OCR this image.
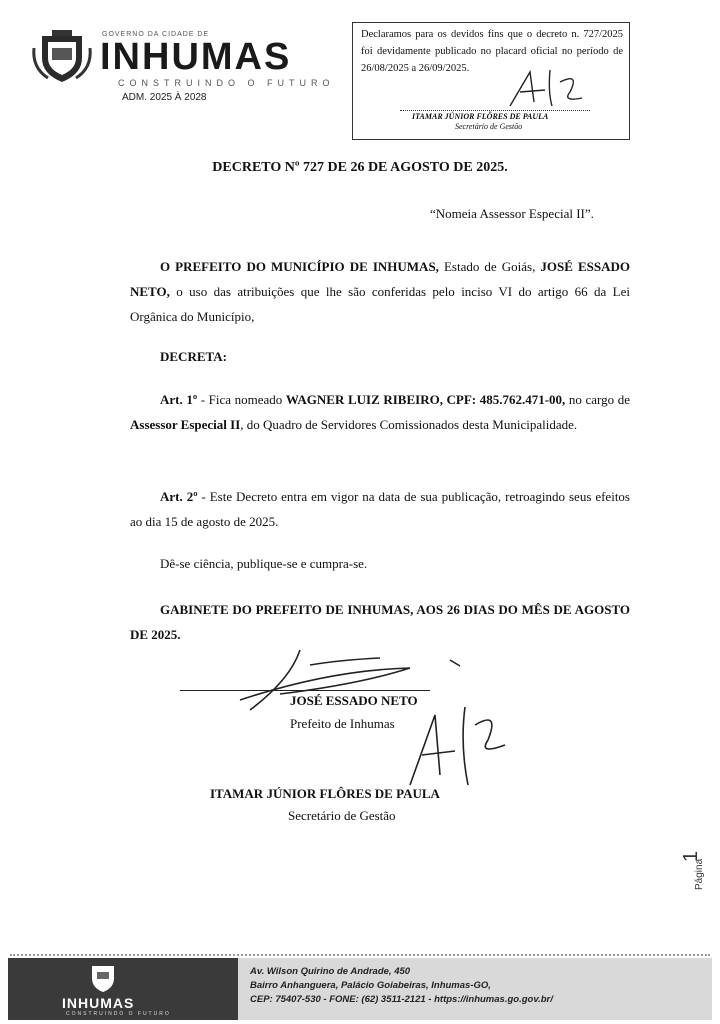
GOVERNO DA CIDADE DE
INHUMAS
CONSTRUINDO O FUTURO
ADM. 2025 À 2028
Declaramos para os devidos fins que o decreto n. 727/2025 foi devidamente publicado no placard oficial no período de 26/08/2025 a 26/09/2025.
ITAMAR JÚNIOR FLÔRES DE PAULA
Secretário de Gestão
DECRETO Nº 727 DE 26 DE AGOSTO DE 2025.
“Nomeia Assessor Especial II”.
O PREFEITO DO MUNICÍPIO DE INHUMAS, Estado de Goiás, JOSÉ ESSADO NETO, o uso das atribuições que lhe são conferidas pelo inciso VI do artigo 66 da Lei Orgânica do Município,
DECRETA:
Art. 1º - Fica nomeado WAGNER LUIZ RIBEIRO, CPF: 485.762.471-00, no cargo de Assessor Especial II, do Quadro de Servidores Comissionados desta Municipalidade.
Art. 2º - Este Decreto entra em vigor na data de sua publicação, retroagindo seus efeitos ao dia 15 de agosto de 2025.
Dê-se ciência, publique-se e cumpra-se.
GABINETE DO PREFEITO DE INHUMAS, AOS 26 DIAS DO MÊS DE AGOSTO DE 2025.
JOSÉ ESSADO NETO
Prefeito de Inhumas
ITAMAR JÚNIOR FLÔRES DE PAULA
Secretário de Gestão
Página
1
INHUMAS
CONSTRUINDO O FUTURO
Av. Wilson Quirino de Andrade, 450
Bairro Anhanguera, Palácio Goiabeiras, Inhumas-GO,
CEP: 75407-530 - FONE: (62) 3511-2121 - https://inhumas.go.gov.br/
